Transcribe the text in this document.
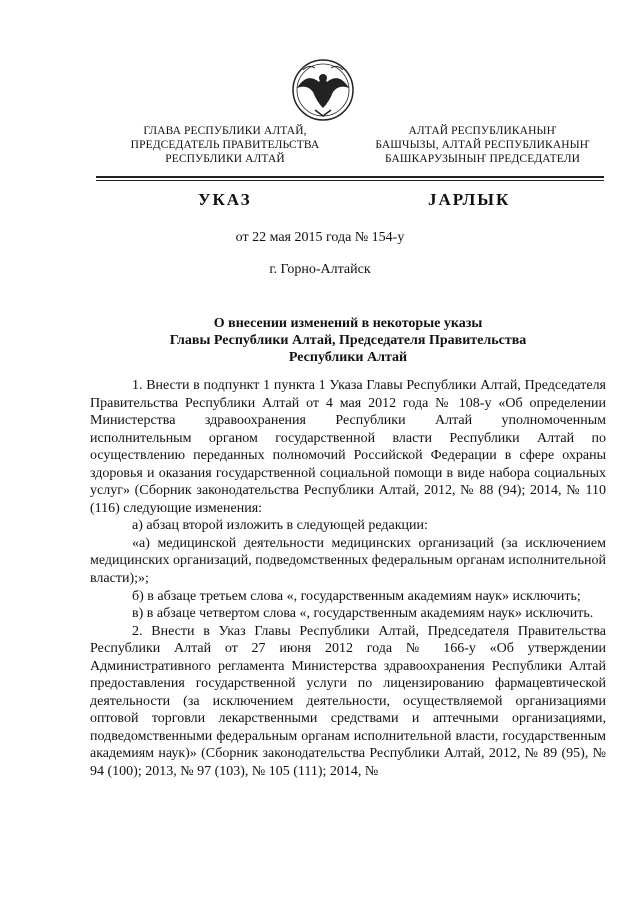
ГЛАВА РЕСПУБЛИКИ АЛТАЙ,
ПРЕДСЕДАТЕЛЬ ПРАВИТЕЛЬСТВА
РЕСПУБЛИКИ АЛТАЙ
АЛТАЙ РЕСПУБЛИКАНЫҤ
БАШЧЫЗЫ, АЛТАЙ РЕСПУБЛИКАНЫҤ
БАШКАРУЗЫНЫҤ ПРЕДСЕДАТЕЛИ
УКАЗ	JАРЛЫК
от 22 мая 2015 года № 154-у
г. Горно-Алтайск
О внесении изменений в некоторые указы
Главы Республики Алтай, Председателя Правительства
Республики Алтай

1. Внести в подпункт 1 пункта 1 Указа Главы Республики Алтай, Председателя Правительства Республики Алтай от 4 мая 2012 года № 108-у «Об определении Министерства здравоохранения Республики Алтай уполномоченным исполнительным органом государственной власти Республики Алтай по осуществлению переданных полномочий Российской Федерации в сфере охраны здоровья и оказания государственной социальной помощи в виде набора социальных услуг» (Сборник законодательства Республики Алтай, 2012, № 88 (94); 2014, № 110 (116) следующие изменения:

а) абзац второй изложить в следующей редакции:

«а) медицинской деятельности медицинских организаций (за исключением медицинских организаций, подведомственных федеральным органам исполнительной власти);»;

б) в абзаце третьем слова «, государственным академиям наук» исключить;

в) в абзаце четвертом слова «, государственным академиям наук» исключить.

2. Внести в Указ Главы Республики Алтай, Председателя Правительства Республики Алтай от 27 июня 2012 года № 166-у «Об утверждении Административного регламента Министерства здравоохранения Республики Алтай предоставления государственной услуги по лицензированию фармацевтической деятельности (за исключением деятельности, осуществляемой организациями оптовой торговли лекарственными средствами и аптечными организациями, подведомственными федеральным органам исполнительной власти, государственным академиям наук)» (Сборник законодательства Республики Алтай, 2012, № 89 (95), № 94 (100); 2013, № 97 (103), № 105 (111); 2014, №
